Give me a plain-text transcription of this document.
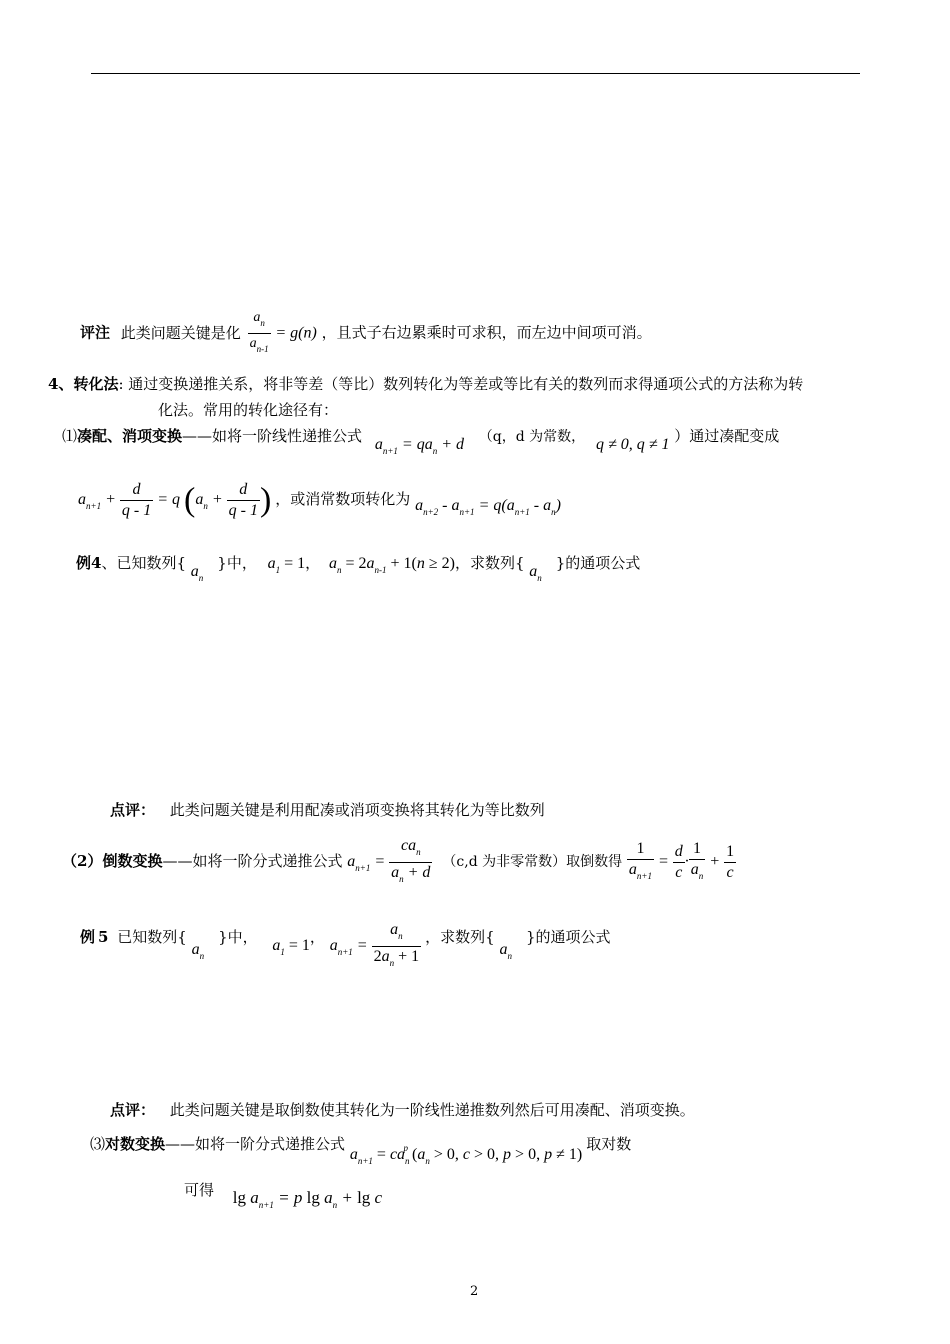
评注 此类问题关键是化 $\frac{a_n}{a_{n-1}} = g(n)$ ，且式子右边累乘时可求积，而左边中间项可消。
4、转化法: 通过变换递推关系，将非等差（等比）数列转化为等差或等比有关的数列而求得通项公式的方法称为转
化法。常用的转化途径有：
⑴凑配、消项变换——如将一阶线性递推公式 $a_{n+1} = qa_n + d$ （q，d 为常数， q ≠ 0, q ≠ 1 ）通过凑配变成
$a_{n+1} + \frac{d}{q - 1} = q$ ($a_n + \frac{d}{q - 1}$ ) ，或消常数项转化为 $a_{n+2} - a_{n+1} = q(a_{n+1} - a_n)$
例4、已知数列{ $a_n$}中， $a_1 = 1$， $a_n = 2a_{n-1} + 1(n \ge 2)$，求数列{ $a_n$}的通项公式
点评： 此类问题关键是利用配凑或消项变换将其转化为等比数列
（2）倒数变换——如将一阶分式递推公式 $a_{n+1} = \frac{ca_n}{a_n + d} (c,d$ 为非零常数）取倒数得 $\frac{1}{a_{n+1}} = \frac{d}{c} \cdot \frac{1}{a_n} + \frac{1}{c}$
例 5 已知数列{ $a_n$}中， $a_1 = 1$， $a_{n+1} = \frac{a_n}{2a_n + 1}$ ，求数列{ $a_n$}的通项公式
点评： 此类问题关键是取倒数使其转化为一阶线性递推数列然后可用凑配、消项变换。
⑶对数变换——如将一阶分式递推公式 $a_{n+1} = ca_n^p$ ($a_n > 0$, c > 0, p > 0, p ≠ 1) 取对数
可得 $\lg a_{n+1} = p$ $\lg a_n + \lg c$
2
